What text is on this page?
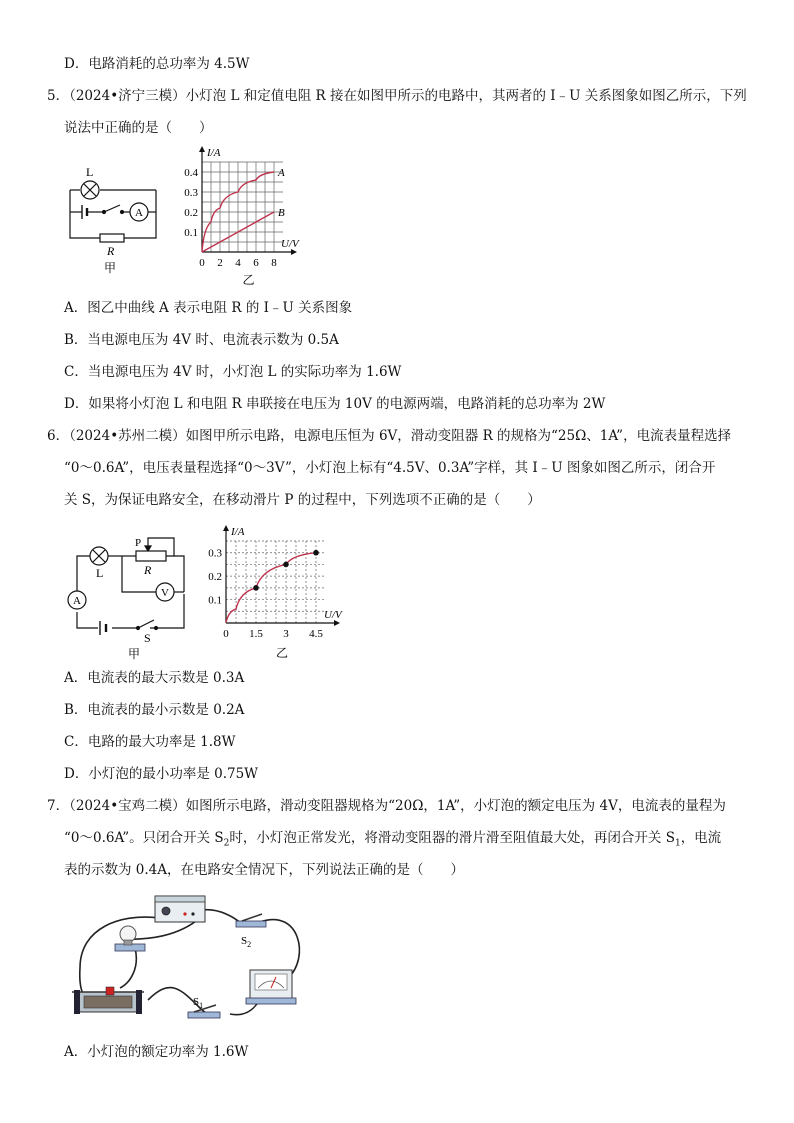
D．电路消耗的总功率为 4.5W
5．（2024•济宁三模）小灯泡 L 和定值电阻 R 接在如图甲所示的电路中，其两者的 I﹣U 关系图象如图乙所示，下列
说法中正确的是（　　）
L
A
R
甲	0 2 4 6 8
0.1
0.2
0.3
0.4
I/A
U/V
A
B
乙
A．图乙中曲线 A 表示电阻 R 的 I﹣U 关系图象
B．当电源电压为 4V 时、电流表示数为 0.5A
C．当电源电压为 4V 时，小灯泡 L 的实际功率为 1.6W
D．如果将小灯泡 L 和电阻 R 串联接在电压为 10V 的电源两端，电路消耗的总功率为 2W
6．（2024•苏州二模）如图甲所示电路，电源电压恒为 6V，滑动变阻器 R 的规格为“25Ω、1A”，电流表量程选择
“0～0.6A”，电压表量程选择“0～3V”，小灯泡上标有“4.5V、0.3A”字样，其 I﹣U 图象如图乙所示，闭合开
关 S，为保证电路安全，在移动滑片 P 的过程中，下列选项不正确的是（　　）
L
P
R
V
A
S
甲
0 1.5 3 4.5
0.1
0.2
0.3
I/A
U/V
乙
A．电流表的最大示数是 0.3A
B．电流表的最小示数是 0.2A
C．电路的最大功率是 1.8W
D．小灯泡的最小功率是 0.75W
7．（2024•宝鸡二模）如图所示电路，滑动变阻器规格为“20Ω，1A”，小灯泡的额定电压为 4V，电流表的量程为
“0～0.6A”。只闭合开关 $S_2$时，小灯泡正常发光，将滑动变阻器的滑片滑至阻值最大处，再闭合开关 $S_1$，电流
表的示数为 0.4A，在电路安全情况下，下列说法正确的是（　　）
$S_2$
$S_1$
A．小灯泡的额定功率为 1.6W
